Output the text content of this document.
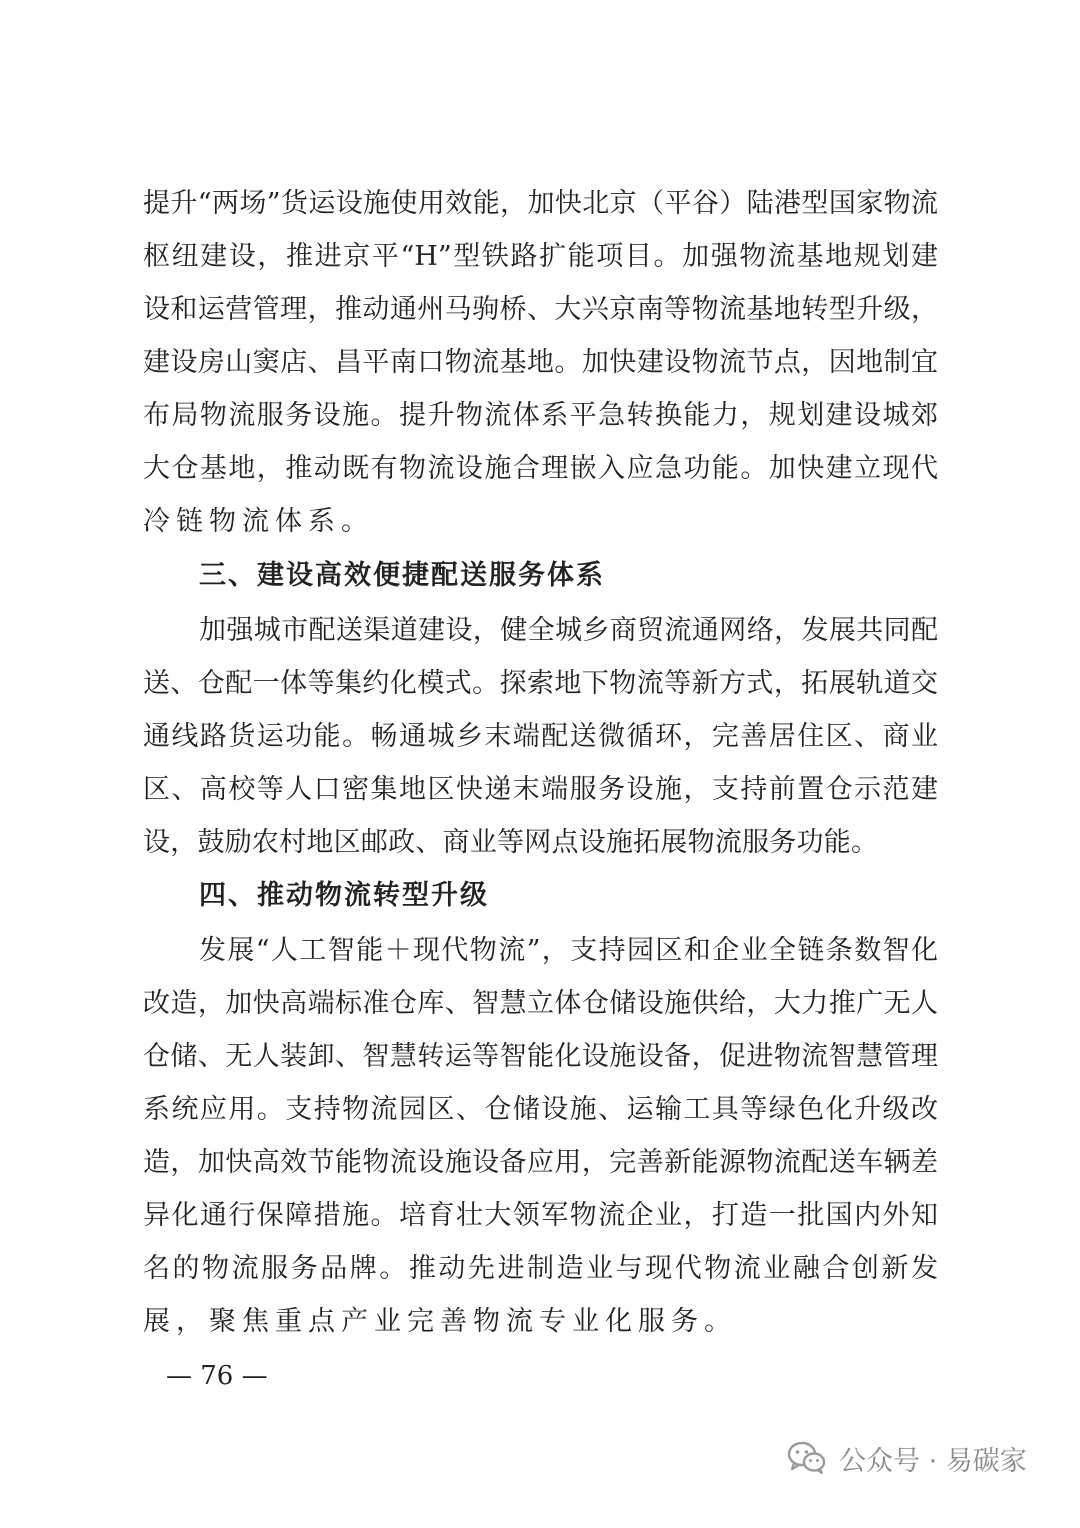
提升“两场”货运设施使用效能，加快北京（平谷）陆港型国家物流
枢纽建设，推进京平“H”型铁路扩能项目。加强物流基地规划建
设和运营管理，推动通州马驹桥、大兴京南等物流基地转型升级，
建设房山窦店、昌平南口物流基地。加快建设物流节点，因地制宜
布局物流服务设施。提升物流体系平急转换能力，规划建设城郊
大仓基地，推动既有物流设施合理嵌入应急功能。加快建立现代
冷链物流体系。
三、建设高效便捷配送服务体系
加强城市配送渠道建设，健全城乡商贸流通网络，发展共同配
送、仓配一体等集约化模式。探索地下物流等新方式，拓展轨道交
通线路货运功能。畅通城乡末端配送微循环，完善居住区、商业
区、高校等人口密集地区快递末端服务设施，支持前置仓示范建
设，鼓励农村地区邮政、商业等网点设施拓展物流服务功能。
四、推动物流转型升级
发展“人工智能＋现代物流”，支持园区和企业全链条数智化
改造，加快高端标准仓库、智慧立体仓储设施供给，大力推广无人
仓储、无人装卸、智慧转运等智能化设施设备，促进物流智慧管理
系统应用。支持物流园区、仓储设施、运输工具等绿色化升级改
造，加快高效节能物流设施设备应用，完善新能源物流配送车辆差
异化通行保障措施。培育壮大领军物流企业，打造一批国内外知
名的物流服务品牌。推动先进制造业与现代物流业融合创新发
展，聚焦重点产业完善物流专业化服务。
— 76 —
公众号 · 易碳家
